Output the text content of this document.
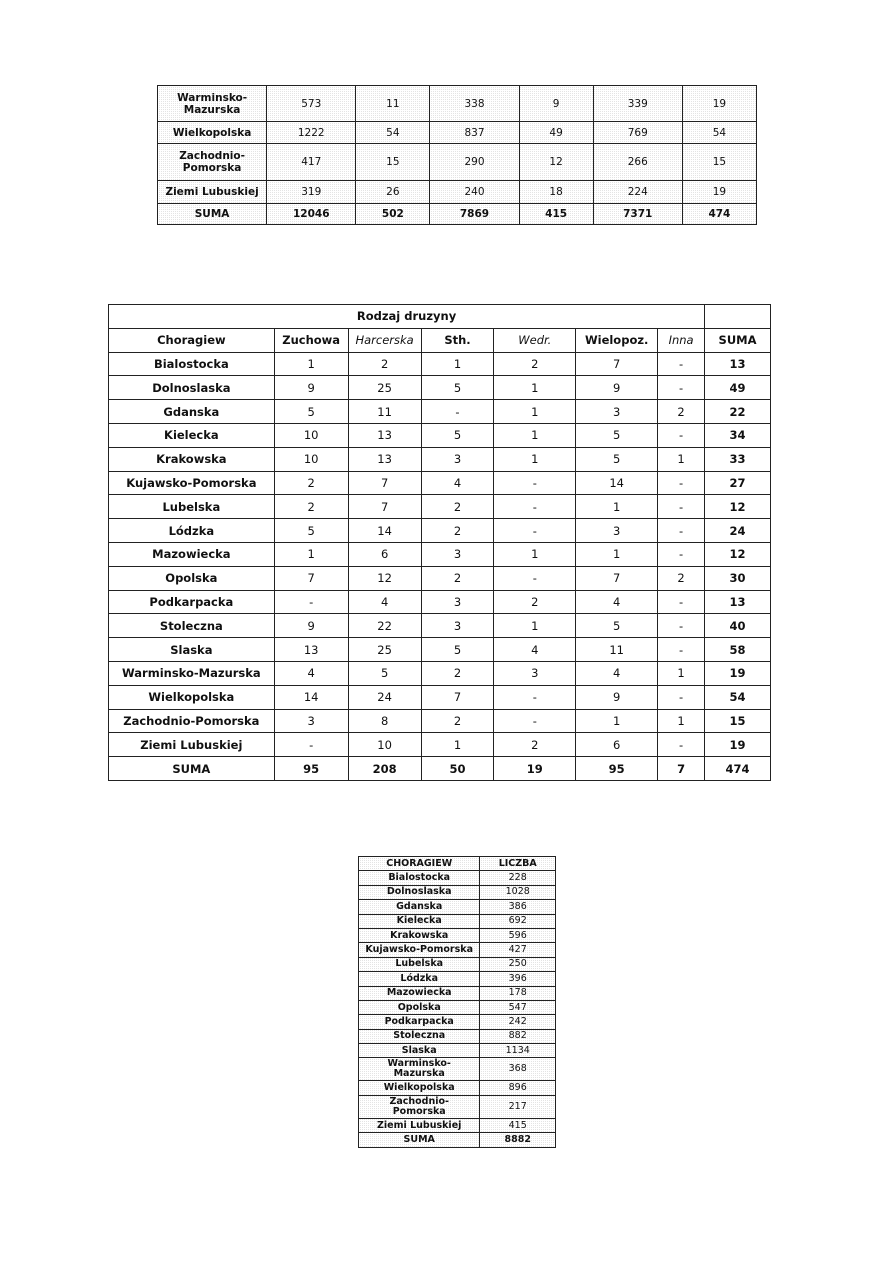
Warminsko-
Mazurska	573	11	338	9	339	19
Wielkopolska	1222	54	837	49	769	54
Zachodnio-
Pomorska	417	15	290	12	266	15
Ziemi Lubuskiej	319	26	240	18	224	19
SUMA	12046	502	7869	415	7371	474
Rodzaj druzyny							
Choragiew	Zuchowa	Harcerska	Sth.	Wedr.	Wielopoz.	Inna	SUMA
Bialostocka	1	2	1	2	7	-	13
Dolnoslaska	9	25	5	1	9	-	49
Gdanska	5	11	-	1	3	2	22
Kielecka	10	13	5	1	5	-	34
Krakowska	10	13	3	1	5	1	33
Kujawsko-Pomorska	2	7	4	-	14	-	27
Lubelska	2	7	2	-	1	-	12
Lódzka	5	14	2	-	3	-	24
Mazowiecka	1	6	3	1	1	-	12
Opolska	7	12	2	-	7	2	30
Podkarpacka	-	4	3	2	4	-	13
Stoleczna	9	22	3	1	5	-	40
Slaska	13	25	5	4	11	-	58
Warminsko-Mazurska	4	5	2	3	4	1	19
Wielkopolska	14	24	7	-	9	-	54
Zachodnio-Pomorska	3	8	2	-	1	1	15
Ziemi Lubuskiej	-	10	1	2	6	-	19
SUMA	95	208	50	19	95	7	474
CHORAGIEW	LICZBA
Bialostocka	228
Dolnoslaska	1028
Gdanska	386
Kielecka	692
Krakowska	596
Kujawsko-Pomorska	427
Lubelska	250
Lódzka	396
Mazowiecka	178
Opolska	547
Podkarpacka	242
Stoleczna	882
Slaska	1134
Warminsko-
Mazurska	368
Wielkopolska	896
Zachodnio-
Pomorska	217
Ziemi Lubuskiej	415
SUMA	8882
